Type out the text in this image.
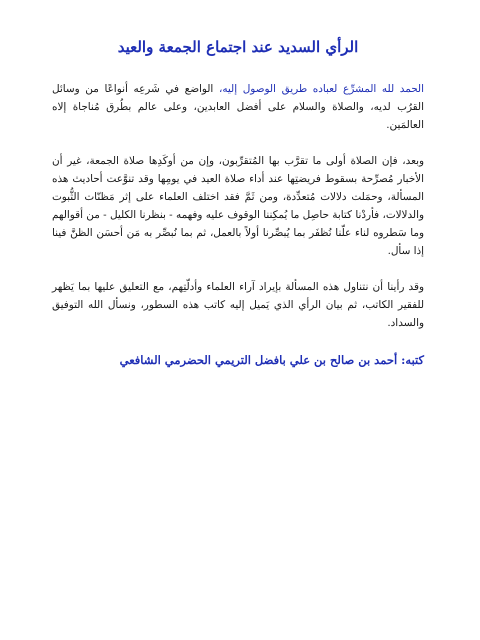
الرأي السديد عند اجتماع الجمعة والعيد

الحمد لله المشرِّع لعباده طريق الوصول إليه، الواضع في شَرعِه أنواعًا من وسائل القرُب لديه، والصلاة والسلام على أفضل العابدين، وعلى عالم بطُرق مُناجاة إلاه العالمَين.

وبعد، فإن الصلاة أولى ما تقرَّب بها المُتقرِّبون، وإن من أوكَدِها صلاة الجمعة، غير أن الأخبار مُصرِّحة بسقوط فريضتِها عند أداء صلاة العيد في يومِها وقد تنوَّعت أحاديث هذه المسألة، وحمَلت دلالات مُتعدِّدة، ومن ثَمَّ فقد اختلف العلماء على إثر مَظنّات الثُّبوت والدلالات، فأردْنا كتابة حاصِل ما يُمكِننا الوقوف عليه وفهمه - بنظرنا الكليل - من أقوالهم وما سَطروه لناء علّنا نُظفَر بما يُبصِّرنا أولاً بالعمل، ثم بما نُبصِّر به مَن أحسَن الظنَّ فينا إذا سأل.

وقد رأينا أن نتناول هذه المسألة بإيراد آراء العلماء وأدلّتِهم، مع التعليق عليها بما يَظهر للفقير الكاتب، ثم بيان الرأي الذي يَميل إليه كاتب هذه السطور، ونسأل الله التوفيق والسداد.

كتبه: أحمد بن صالح بن علي بافضل التريمي الحضرمي الشافعي
